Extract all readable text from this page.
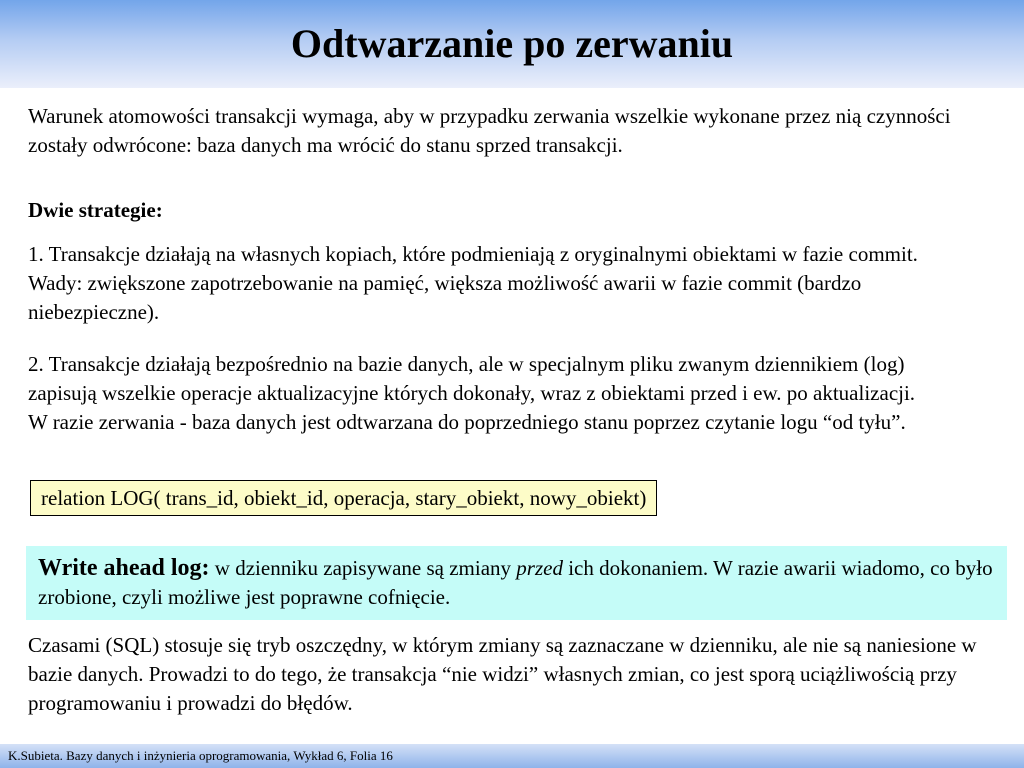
Odtwarzanie po zerwaniu

Warunek atomowości transakcji wymaga, aby w przypadku zerwania wszelkie wykonane przez nią czynności zostały odwrócone: baza danych ma wrócić do stanu sprzed transakcji.

Dwie strategie:

1. Transakcje działają na własnych kopiach, które podmieniają z oryginalnymi obiektami w fazie commit. Wady: zwiększone zapotrzebowanie na pamięć, większa możliwość awarii w fazie commit (bardzo niebezpieczne).

2. Transakcje działają bezpośrednio na bazie danych, ale w specjalnym pliku zwanym dziennikiem (log) zapisują wszelkie operacje aktualizacyjne których dokonały, wraz z obiektami przed i ew. po aktualizacji. W razie zerwania - baza danych jest odtwarzana do poprzedniego stanu poprzez czytanie logu “od tyłu”.

relation LOG( trans_id, obiekt_id, operacja, stary_obiekt, nowy_obiekt)
Write ahead log: w dzienniku zapisywane są zmiany przed ich dokonaniem. W razie awarii wiadomo, co było zrobione, czyli możliwe jest poprawne cofnięcie.

Czasami (SQL) stosuje się tryb oszczędny, w którym zmiany są zaznaczane w dzienniku, ale nie są naniesione w bazie danych. Prowadzi to do tego, że transakcja “nie widzi” własnych zmian, co jest sporą uciążliwością przy programowaniu i prowadzi do błędów.

K.Subieta. Bazy danych i inżynieria oprogramowania, Wykład 6, Folia 16
